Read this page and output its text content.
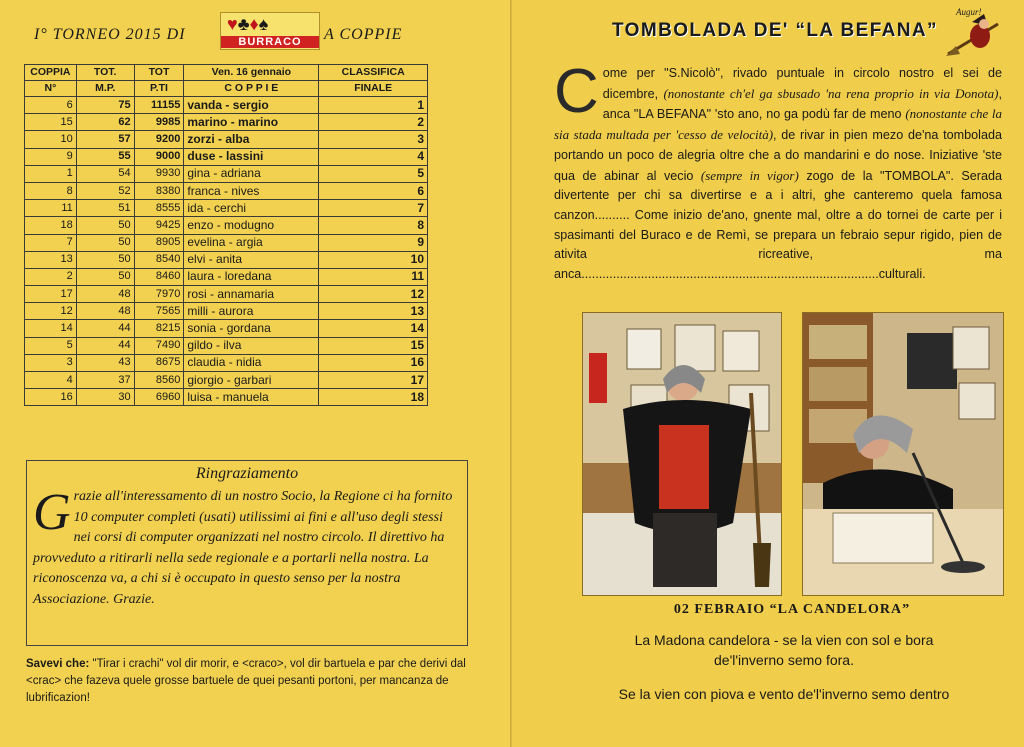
I° TORNEO 2015 DI
♥♣♦♠
BURRACO	A COPPIE
COPPIA	TOT.	TOT	Ven. 16 gennaio	CLASSIFICA
N°	M.P.	P.TI	C O P P I E	FINALE
6	75	11155	vanda - sergio	1
15	62	9985	marino - marino	2
10	57	9200	zorzi - alba	3
9	55	9000	duse - lassini	4
1	54	9930	gina - adriana	5
8	52	8380	franca - nives	6
11	51	8555	ida - cerchi	7
18	50	9425	enzo - modugno	8
7	50	8905	evelina - argia	9
13	50	8540	elvi - anita	10
2	50	8460	laura - loredana	11
17	48	7970	rosi - annamaria	12
12	48	7565	milli - aurora	13
14	44	8215	sonia - gordana	14
5	44	7490	gildo - ilva	15
3	43	8675	claudia - nidia	16
4	37	8560	giorgio - garbari	17
16	30	6960	luisa - manuela	18
Ringraziamento
G razie all'interessamento di un nostro Socio, la Regione ci ha fornito 10 computer completi (usati) utilissimi ai fini e all'uso degli stessi nei corsi di computer organizzati nel nostro circolo. Il direttivo ha provveduto a ritirarli nella sede regionale e a portarli nella nostra. La riconoscenza va, a chi si è occupato in questo senso per la nostra Associazione. Grazie.
Savevi che: "Tirar i crachi" vol dir morir, e <craco>, vol dir bartuela e par che derivi dal <crac> che fazeva quele grosse bartuele de quei pesanti portoni, per mancanza de lubrificazion!
TOMBOLADA DE' “LA BEFANA”
Augur!
C ome per "S.Nicolò", rivado puntuale in circolo nostro el sei de dicembre, (nonostante ch'el ga sbusado 'na rena proprio in via Donota), anca "LA BEFANA" 'sto ano, no ga podù far de meno (nonostante che la sia stada multada per 'cesso de velocità), de rivar in pien mezo de'na tombolada portando un poco de alegria oltre che a do mandarini e do nose. Iniziative 'ste qua de abinar al vecio (sempre in vigor) zogo de la "TOMBOLA". Serada divertente per chi sa divertirse e a i altri, ghe canteremo quela famosa canzon.......... Come inizio de'ano, gnente mal, oltre a do tornei de carte per i spasimanti del Buraco e de Remì, se prepara un febraio sepur rigido, pien de ativita ricreative, ma anca.....................................................................................culturali.
02 FEBRAIO “LA CANDELORA”
La Madona candelora - se la vien con sol e bora
de'l'inverno semo fora.
Se la vien con piova e vento de'l'inverno semo dentro
